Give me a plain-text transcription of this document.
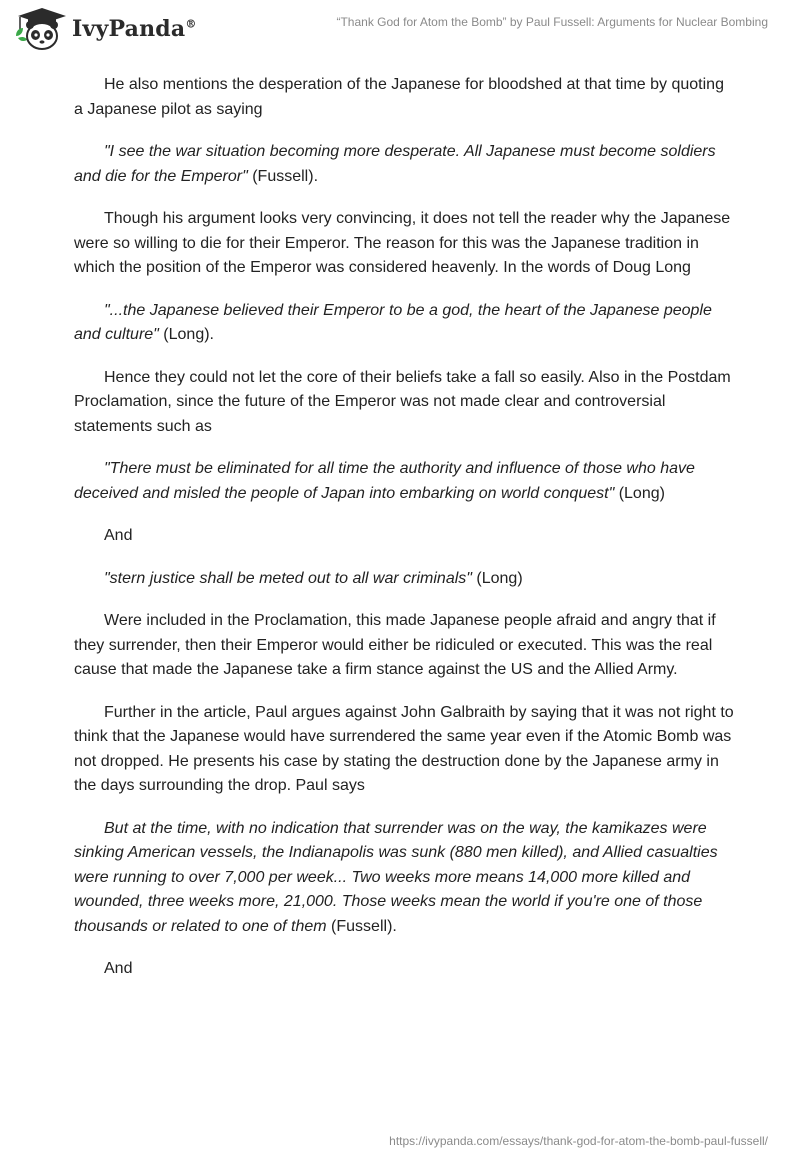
IvyPanda®	“Thank God for Atom the Bomb” by Paul Fussell: Arguments for Nuclear Bombing

He also mentions the desperation of the Japanese for bloodshed at that time by quoting a Japanese pilot as saying

"I see the war situation becoming more desperate. All Japanese must become soldiers and die for the Emperor" (Fussell).

Though his argument looks very convincing, it does not tell the reader why the Japanese were so willing to die for their Emperor. The reason for this was the Japanese tradition in which the position of the Emperor was considered heavenly. In the words of Doug Long

"...the Japanese believed their Emperor to be a god, the heart of the Japanese people and culture" (Long).

Hence they could not let the core of their beliefs take a fall so easily. Also in the Postdam Proclamation, since the future of the Emperor was not made clear and controversial statements such as

"There must be eliminated for all time the authority and influence of those who have deceived and misled the people of Japan into embarking on world conquest" (Long)

And

"stern justice shall be meted out to all war criminals" (Long)

Were included in the Proclamation, this made Japanese people afraid and angry that if they surrender, then their Emperor would either be ridiculed or executed. This was the real cause that made the Japanese take a firm stance against the US and the Allied Army.

Further in the article, Paul argues against John Galbraith by saying that it was not right to think that the Japanese would have surrendered the same year even if the Atomic Bomb was not dropped. He presents his case by stating the destruction done by the Japanese army in the days surrounding the drop. Paul says

But at the time, with no indication that surrender was on the way, the kamikazes were sinking American vessels, the Indianapolis was sunk (880 men killed), and Allied casualties were running to over 7,000 per week... Two weeks more means 14,000 more killed and wounded, three weeks more, 21,000. Those weeks mean the world if you're one of those thousands or related to one of them (Fussell).

And

https://ivypanda.com/essays/thank-god-for-atom-the-bomb-paul-fussell/
